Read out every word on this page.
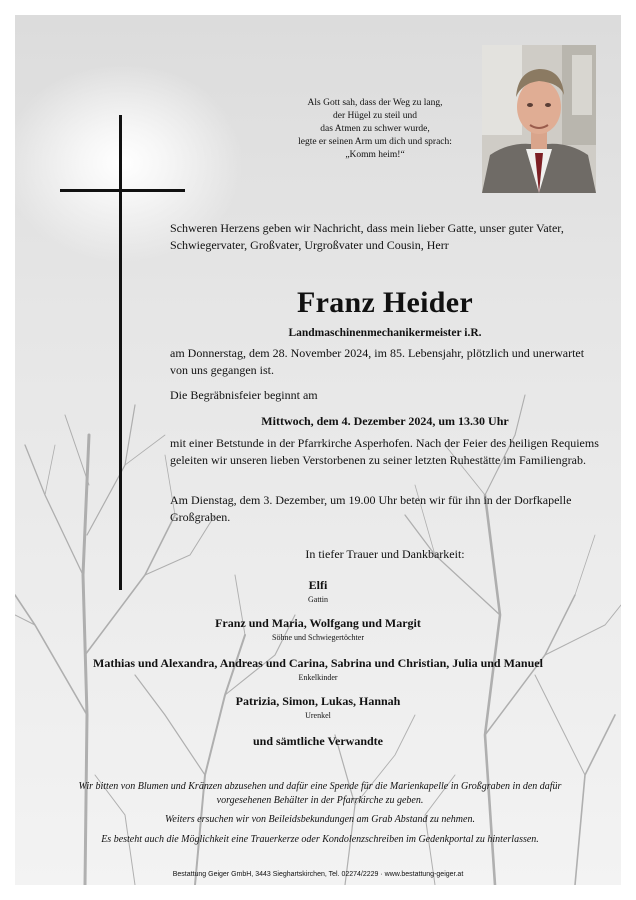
Als Gott sah, dass der Weg zu lang,
der Hügel zu steil und
das Atmen zu schwer wurde,
legte er seinen Arm um dich und sprach:
„Komm heim!“
Schweren Herzens geben wir Nachricht, dass mein lieber Gatte, unser guter Vater, Schwiegervater, Großvater, Urgroßvater und Cousin, Herr
Franz Heider
Landmaschinenmechanikermeister i.R.
am Donnerstag, dem 28. November 2024, im 85. Lebensjahr, plötzlich und unerwartet von uns gegangen ist.
Die Begräbnisfeier beginnt am
Mittwoch, dem 4. Dezember 2024, um 13.30 Uhr
mit einer Betstunde in der Pfarrkirche Asperhofen. Nach der Feier des heiligen Requiems geleiten wir unseren lieben Verstorbenen zu seiner letzten Ruhestätte im Familiengrab.
Am Dienstag, dem 3. Dezember, um 19.00 Uhr beten wir für ihn in der Dorfkapelle Großgraben.
In tiefer Trauer und Dankbarkeit:
Elfi
Gattin
Franz und Maria, Wolfgang und Margit
Söhne und Schwiegertöchter
Mathias und Alexandra, Andreas und Carina, Sabrina und Christian, Julia und Manuel
Enkelkinder
Patrizia, Simon, Lukas, Hannah
Urenkel
und sämtliche Verwandte

Wir bitten von Blumen und Kränzen abzusehen und dafür eine Spende für die Marienkapelle in Großgraben in den dafür vorgesehenen Behälter in der Pfarrkirche zu geben.

Weiters ersuchen wir von Beileidsbekundungen am Grab Abstand zu nehmen.

Es besteht auch die Möglichkeit eine Trauerkerze oder Kondolenzschreiben im Gedenkportal zu hinterlassen.

Bestattung Geiger GmbH, 3443 Sieghartskirchen, Tel. 02274/2229 · www.bestattung-geiger.at
